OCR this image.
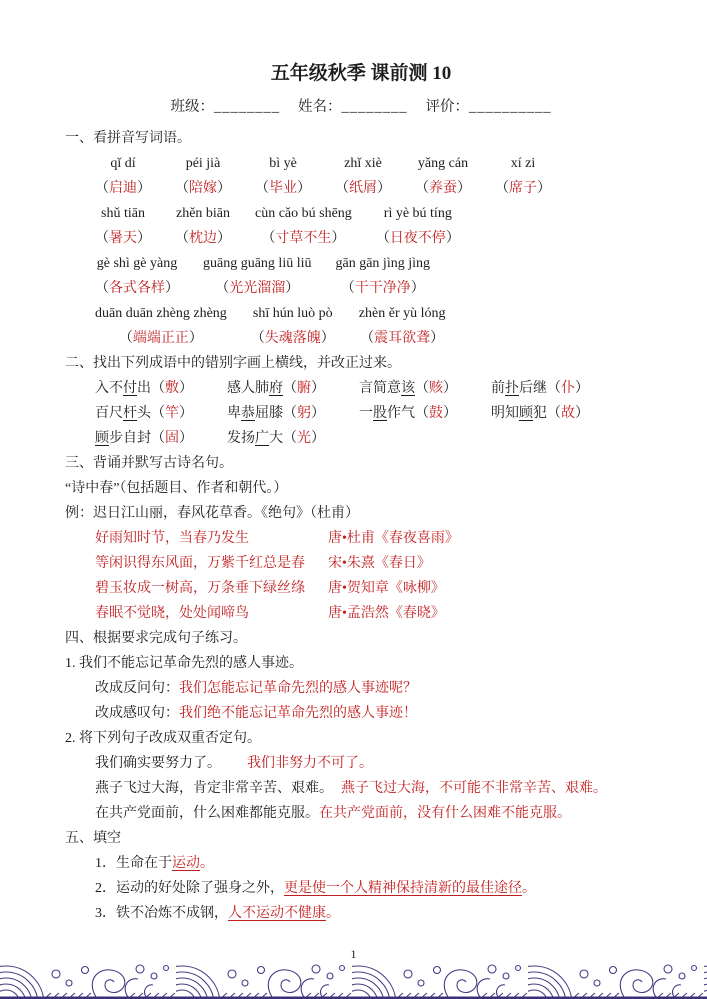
五年级秋季 课前测 10
班级：________ 姓名：________ 评价：__________
一、看拼音写词语。
qǐ dí
（启迪）
péi jià
（陪嫁）
bì yè
（毕业）
zhǐ xiè
（纸屑）
yǎng cán
（养蚕）
xí zi
（席子）
shǔ tiān
（暑天）
zhěn biān
（枕边）
cùn cǎo bú shēng
（寸草不生）
rì yè bú tíng
（日夜不停）
gè shì gè yàng
（各式各样）
guāng guāng liū liū
（光光溜溜）
gān gān jìng jìng
（干干净净）
duān duān zhèng zhèng
（端端正正）
shī hún luò pò
（失魂落魄）
zhèn ěr yù lóng
（震耳欲聋）
二、找出下列成语中的错别字画上横线，并改正过来。
入不付出（敷） 感人肺府（腑） 言简意该（赅） 前扑后继（仆）
百尺杆头（竿） 卑恭屈膝（躬） 一股作气（鼓） 明知顾犯（故）
顾步自封（固） 发扬广大（光）
三、背诵并默写古诗名句。
“诗中春”（包括题目、作者和朝代。）
例：迟日江山丽，春风花草香。《绝句》（杜甫）
好雨知时节，当春乃发生	唐•杜甫《春夜喜雨》
等闲识得东风面，万紫千红总是春	宋•朱熹《春日》
碧玉妆成一树高，万条垂下绿丝绦	唐•贺知章《咏柳》
春眠不觉晓，处处闻啼鸟	唐•孟浩然《春晓》
四、根据要求完成句子练习。
1. 我们不能忘记革命先烈的感人事迹。
改成反问句：我们怎能忘记革命先烈的感人事迹呢？
改成感叹句：我们绝不能忘记革命先烈的感人事迹！
2. 将下列句子改成双重否定句。
我们确实要努力了。 我们非努力不可了。
燕子飞过大海，肯定非常辛苦、艰难。 燕子飞过大海，不可能不非常辛苦、艰难。
在共产党面前，什么困难都能克服。在共产党面前，没有什么困难不能克服。
五、填空
1．生命在于运动。
2．运动的好处除了强身之外，更是使一个人精神保持清新的最佳途径。
3．铁不冶炼不成钢，人不运动不健康。
1
